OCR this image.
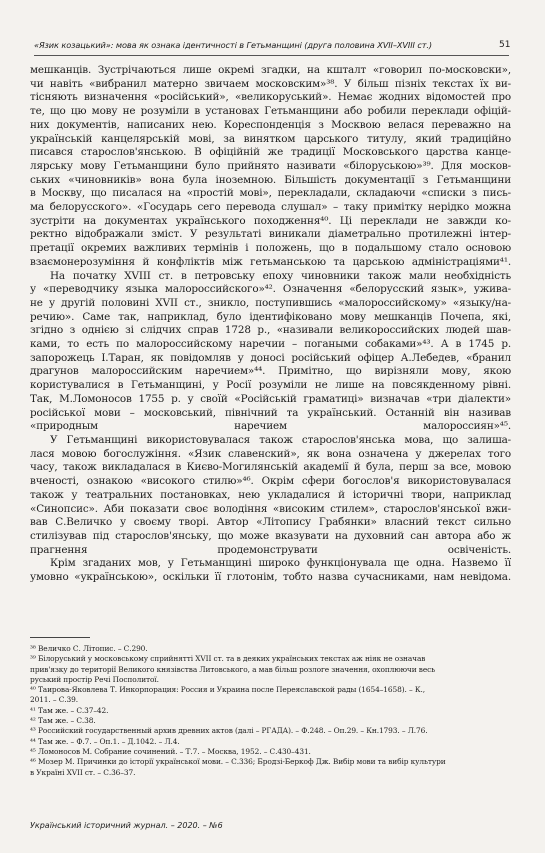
«Язик козацький»: мова як ознака ідентичності в Гетьманщині (друга половина XVII–XVIII ст.)	51

мешканців. Зустрічаються лише окремі згадки, на кшталт «говорил по-московски»,
чи навіть «вибранил матерно звичаем московским»³⁸. У більш пізніх текстах їх ви-
тісняють визначення «російський», «великоруський». Немає жодних відомостей про
те, що цю мову не розуміли в установах Гетьманщини або робили переклади офіцій-
них документів, написаних нею. Кореспонденція з Москвою велася переважно на
українській канцелярській мові, за винятком царського титулу, який традиційно
писався старослов'янською. В офіційній же традиції Московського царства канце-
лярську мову Гетьманщини було прийнято називати «білоруською»³⁹. Для москов-
ських «чиновників» вона була іноземною. Більшість документації з Гетьманщини
в Москву, що писалася на «простій мові», перекладали, складаючи «списки з пись-
ма белорусского». «Государь сего перевода слушал» – таку примітку нерідко можна
зустріти на документах українського походження⁴⁰. Ці переклади не завжди ко-
ректно відображали зміст. У результаті виникали діаметрально протилежні інтер-
претації окремих важливих термінів і положень, що в подальшому стало основою
взаємонерозуміння й конфліктів між гетьманською та царською адміністраціями⁴¹.

На початку XVIII ст. в петровську епоху чиновники також мали необхідність
у «переводчику языка малороссийского»⁴². Означення «белорусский язык», ужива-
не у другій половині XVII ст., зникло, поступившись «малороссийскому» «языку/на-
речию». Саме так, наприклад, було ідентифіковано мову мешканців Почепа, які,
згідно з однією зі слідчих справ 1728 р., «називали великороссийских людей шав-
ками, то есть по малороссийскому наречии – погаными собаками»⁴³. А в 1745 р.
запорожець І.Таран, як повідомляв у доносі російський офіцер А.Лебедев, «бранил
драгунов малороссийским наречием»⁴⁴. Примітно, що вирізняли мову, якою
користувалися в Гетьманщині, у Росії розуміли не лише на повсякденному рівні.
Так, М.Ломоносов 1755 р. у своїй «Російській граматиці» визначав «три діалекти»
російської мови – московський, північний та український. Останній він називав
«природным наречием малороссиян»⁴⁵.

У Гетьманщині використовувалася також старослов'янська мова, що залиша-
лася мовою богослужіння. «Язик славенский», як вона означена у джерелах того
часу, також викладалася в Києво-Могилянській академії й була, перш за все, мовою
вченості, ознакою «високого стилю»⁴⁶. Окрім сфери богослов'я використовувалася
також у театральних постановках, нею укладалися й історичні твори, наприклад
«Синопсис». Аби показати своє володіння «високим стилем», старослов'янської вжи-
вав С.Величко у своєму творі. Автор «Літопису Грабянки» власний текст сильно
стилізував під старослов'янську, що може вказувати на духовний сан автора або ж
прагнення продемонструвати освіченість.

Крім згаданих мов, у Гетьманщині широко функціонувала ще одна. Назвемо її
умовно «українською», оскільки її глотонім, тобто назва сучасниками, нам невідома.

³⁸ Величко С. Літопис. – С.290.
³⁹ Білоруський у московському сприйнятті XVII ст. та в деяких українських текстах аж ніяк не означав
прив'язку до території Великого князівства Литовського, а мав більш розлоге значення, охоплюючи весь
руський простір Речі Посполитої.
⁴⁰ Таирова-Яковлева Т. Инкорпорация: Россия и Украина после Переяславской рады (1654–1658). – К.,
2011. – С.39.
⁴¹ Там же. – С.37–42.
⁴² Там же. – С.38.
⁴³ Российский государственный архив древних актов (далі – РГАДА). – Ф.248. – Оп.29. – Кн.1793. – Л.76.
⁴⁴ Там же. – Ф.7. – Оп.1. – Д.1042. – Л.4.
⁴⁵ Ломоносов М. Собрание сочинений. – Т.7. – Москва, 1952. – С.430–431.
⁴⁶ Мозер М. Причинки до історії української мови. – С.336; Бродзі-Беркоф Дж. Вибір мови та вибір культури
в Україні XVII ст. – С.36–37.
Український історичний журнал. – 2020. – №6
